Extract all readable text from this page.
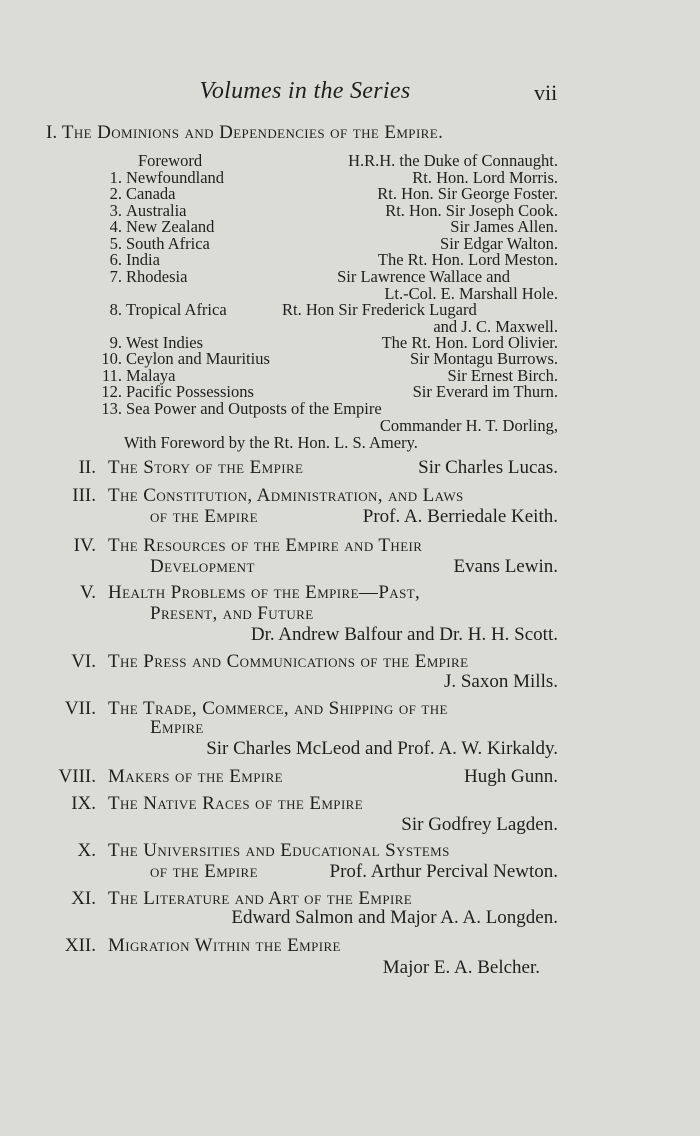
Volumes in the Series	vii
I. The Dominions and Dependencies of the Empire.
Foreword	H.R.H. the Duke of Connaught.
1. Newfoundland	Rt. Hon. Lord Morris.
2. Canada	Rt. Hon. Sir George Foster.
3. Australia	Rt. Hon. Sir Joseph Cook.
4. New Zealand	Sir James Allen.
5. South Africa	Sir Edgar Walton.
6. India	The Rt. Hon. Lord Meston.
7. Rhodesia	Sir Lawrence Wallace and
Lt.-Col. E. Marshall Hole.
8. Tropical Africa	Rt. Hon Sir Frederick Lugard
and J. C. Maxwell.
9. West Indies	The Rt. Hon. Lord Olivier.
10. Ceylon and Mauritius	Sir Montagu Burrows.
11. Malaya	Sir Ernest Birch.
12. Pacific Possessions	Sir Everard im Thurn.
13. Sea Power and Outposts of the Empire
Commander H. T. Dorling,
With Foreword by the Rt. Hon. L. S. Amery.
II. The Story of the Empire	Sir Charles Lucas.
III. The Constitution, Administration, and Laws
of the Empire	Prof. A. Berriedale Keith.
IV. The Resources of the Empire and Their
Development	Evans Lewin.
V. Health Problems of the Empire—Past,
Present, and Future
Dr. Andrew Balfour and Dr. H. H. Scott.
VI. The Press and Communications of the Empire
J. Saxon Mills.
VII. The Trade, Commerce, and Shipping of the
Empire
Sir Charles McLeod and Prof. A. W. Kirkaldy.
VIII. Makers of the Empire	Hugh Gunn.
IX. The Native Races of the Empire
Sir Godfrey Lagden.
X. The Universities and Educational Systems
of the Empire	Prof. Arthur Percival Newton.
XI. The Literature and Art of the Empire
Edward Salmon and Major A. A. Longden.
XII. Migration Within the Empire
Major E. A. Belcher.
